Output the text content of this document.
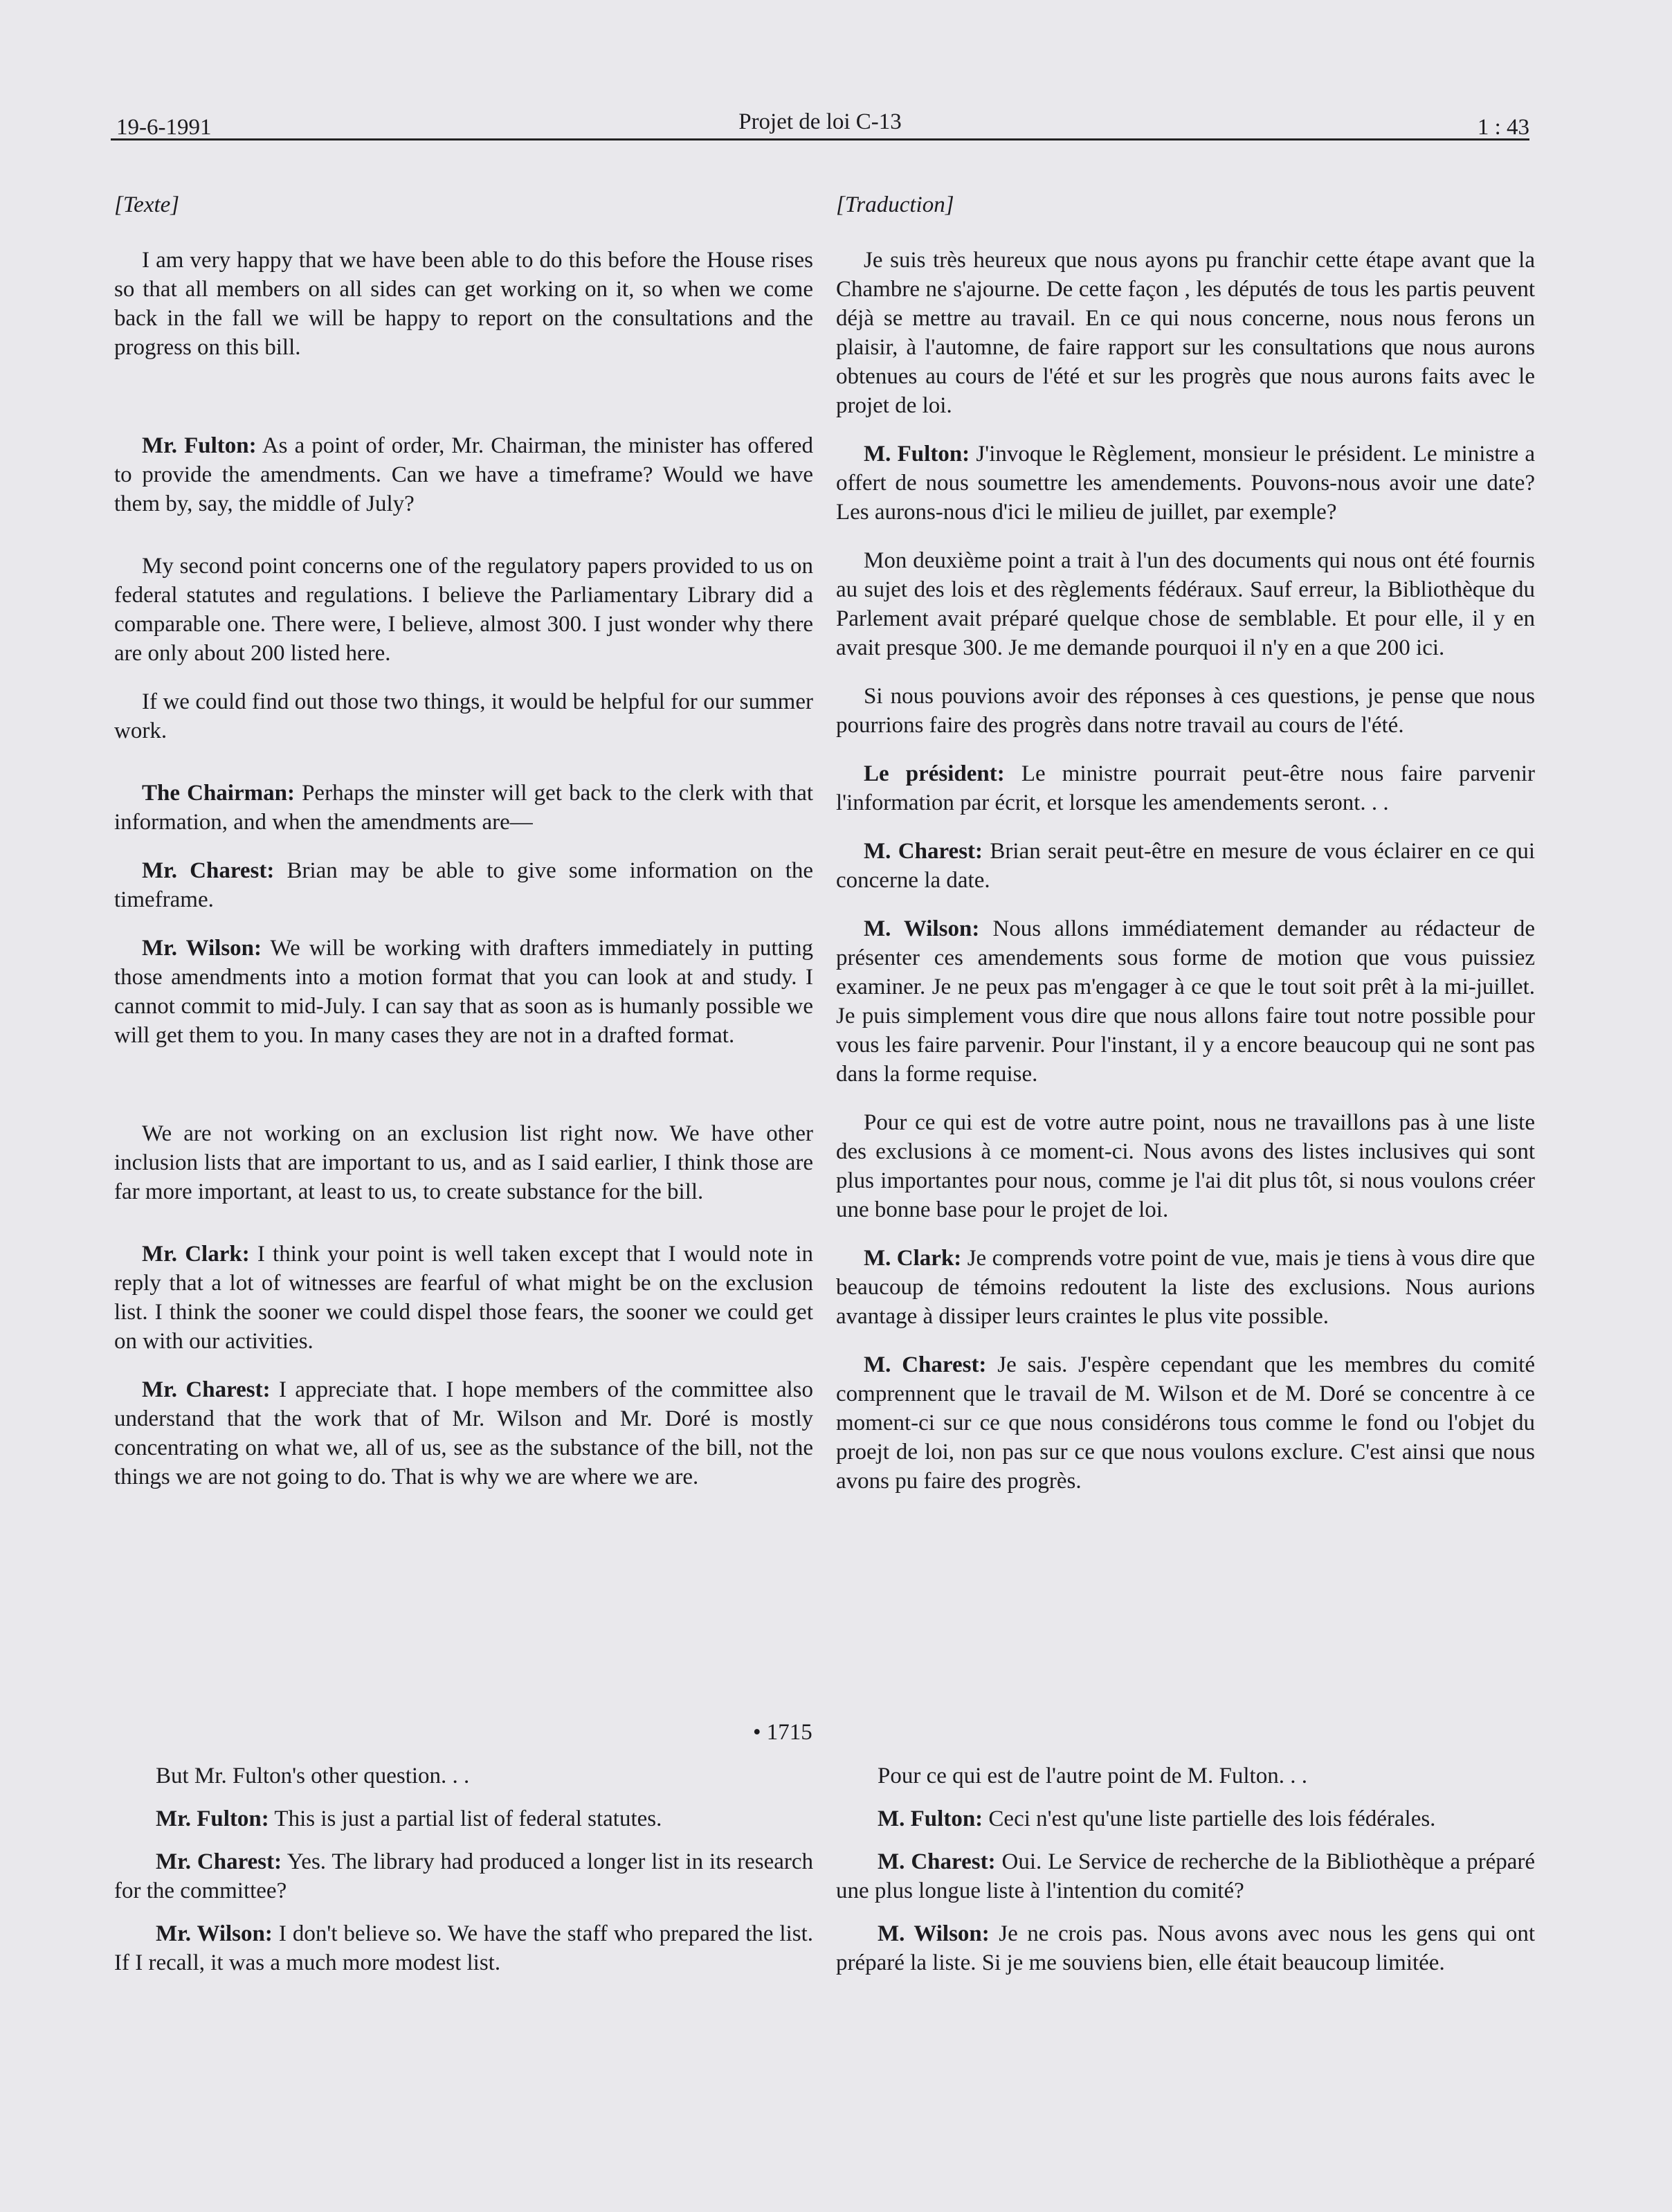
19-6-1991	Projet de loi C-13	1 : 43

[Texte]

I am very happy that we have been able to do this before the House rises so that all members on all sides can get working on it, so when we come back in the fall we will be happy to report on the consultations and the progress on this bill.

Mr. Fulton: As a point of order, Mr. Chairman, the minister has offered to provide the amendments. Can we have a timeframe? Would we have them by, say, the middle of July?

My second point concerns one of the regulatory papers provided to us on federal statutes and regulations. I believe the Parliamentary Library did a comparable one. There were, I believe, almost 300. I just wonder why there are only about 200 listed here.

If we could find out those two things, it would be helpful for our summer work.

The Chairman: Perhaps the minster will get back to the clerk with that information, and when the amendments are—

Mr. Charest: Brian may be able to give some information on the timeframe.

Mr. Wilson: We will be working with drafters immediately in putting those amendments into a motion format that you can look at and study. I cannot commit to mid-July. I can say that as soon as is humanly possible we will get them to you. In many cases they are not in a drafted format.

We are not working on an exclusion list right now. We have other inclusion lists that are important to us, and as I said earlier, I think those are far more important, at least to us, to create substance for the bill.

Mr. Clark: I think your point is well taken except that I would note in reply that a lot of witnesses are fearful of what might be on the exclusion list. I think the sooner we could dispel those fears, the sooner we could get on with our activities.

Mr. Charest: I appreciate that. I hope members of the committee also understand that the work that of Mr. Wilson and Mr. Doré is mostly concentrating on what we, all of us, see as the substance of the bill, not the things we are not going to do. That is why we are where we are.

[Traduction]

Je suis très heureux que nous ayons pu franchir cette étape avant que la Chambre ne s'ajourne. De cette façon , les députés de tous les partis peuvent déjà se mettre au travail. En ce qui nous concerne, nous nous ferons un plaisir, à l'automne, de faire rapport sur les consultations que nous aurons obtenues au cours de l'été et sur les progrès que nous aurons faits avec le projet de loi.

M. Fulton: J'invoque le Règlement, monsieur le président. Le ministre a offert de nous soumettre les amendements. Pouvons-nous avoir une date? Les aurons-nous d'ici le milieu de juillet, par exemple?

Mon deuxième point a trait à l'un des documents qui nous ont été fournis au sujet des lois et des règlements fédéraux. Sauf erreur, la Bibliothèque du Parlement avait préparé quelque chose de semblable. Et pour elle, il y en avait presque 300. Je me demande pourquoi il n'y en a que 200 ici.

Si nous pouvions avoir des réponses à ces questions, je pense que nous pourrions faire des progrès dans notre travail au cours de l'été.

Le président: Le ministre pourrait peut-être nous faire parvenir l'information par écrit, et lorsque les amendements seront. . .

M. Charest: Brian serait peut-être en mesure de vous éclairer en ce qui concerne la date.

M. Wilson: Nous allons immédiatement demander au rédacteur de présenter ces amendements sous forme de motion que vous puissiez examiner. Je ne peux pas m'engager à ce que le tout soit prêt à la mi-juillet. Je puis simplement vous dire que nous allons faire tout notre possible pour vous les faire parvenir. Pour l'instant, il y a encore beaucoup qui ne sont pas dans la forme requise.

Pour ce qui est de votre autre point, nous ne travaillons pas à une liste des exclusions à ce moment-ci. Nous avons des listes inclusives qui sont plus importantes pour nous, comme je l'ai dit plus tôt, si nous voulons créer une bonne base pour le projet de loi.

M. Clark: Je comprends votre point de vue, mais je tiens à vous dire que beaucoup de témoins redoutent la liste des exclusions. Nous aurions avantage à dissiper leurs craintes le plus vite possible.

M. Charest: Je sais. J'espère cependant que les membres du comité comprennent que le travail de M. Wilson et de M. Doré se concentre à ce moment-ci sur ce que nous considérons tous comme le fond ou l'objet du proejt de loi, non pas sur ce que nous voulons exclure. C'est ainsi que nous avons pu faire des progrès.

• 1715

But Mr. Fulton's other question. . .

Mr. Fulton: This is just a partial list of federal statutes.

Mr. Charest: Yes. The library had produced a longer list in its research for the committee?

Mr. Wilson: I don't believe so. We have the staff who prepared the list. If I recall, it was a much more modest list.

Pour ce qui est de l'autre point de M. Fulton. . .

M. Fulton: Ceci n'est qu'une liste partielle des lois fédérales.

M. Charest: Oui. Le Service de recherche de la Bibliothèque a préparé une plus longue liste à l'intention du comité?

M. Wilson: Je ne crois pas. Nous avons avec nous les gens qui ont préparé la liste. Si je me souviens bien, elle était beaucoup limitée.
